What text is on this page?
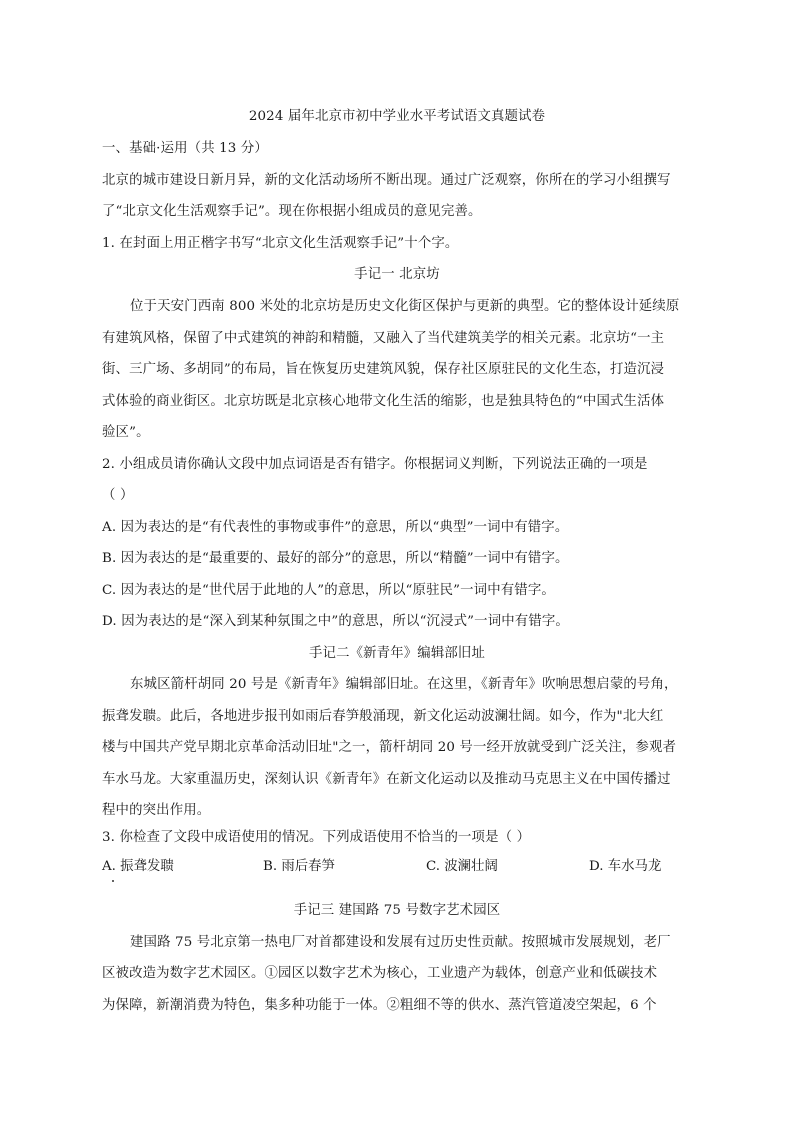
2024 届年北京市初中学业水平考试语文真题试卷
一、基础·运用（共 13 分）
北京的城市建设日新月异，新的文化活动场所不断出现。通过广泛观察，你所在的学习小组撰写
了“北京文化生活观察手记”。现在你根据小组成员的意见完善。
1. 在封面上用正楷字书写“北京文化生活观察手记”十个字。
手记一 北京坊
位于天安门西南 800 米处的北京坊是历史文化街区保护与更新的典型。它的整体设计延续原
有建筑风格，保留了中式建筑的神韵和精髓，又融入了当代建筑美学的相关元素。北京坊“一主
街、三广场、多胡同”的布局，旨在恢复历史建筑风貌，保存社区原驻民的文化生态，打造沉浸
式体验的商业街区。北京坊既是北京核心地带文化生活的缩影，也是独具特色的“中国式生活体
验区”。
2. 小组成员请你确认文段中加点词语是否有错字。你根据词义判断，下列说法正确的一项是
（ ）
A. 因为表达的是“有代表性的事物或事件”的意思，所以“典型”一词中有错字。
B. 因为表达的是“最重要的、最好的部分”的意思，所以“精髓”一词中有错字。
C. 因为表达的是“世代居于此地的人”的意思，所以“原驻民”一词中有错字。
D. 因为表达的是“深入到某种氛围之中”的意思，所以“沉浸式”一词中有错字。
手记二《新青年》编辑部旧址
东城区箭杆胡同 20 号是《新青年》编辑部旧址。在这里，《新青年》吹响思想启蒙的号角，
振聋发聩。此后，各地进步报刊如雨后春笋般涌现，新文化运动波澜壮阔。如今，作为"北大红
楼与中国共产党早期北京革命活动旧址"之一，箭杆胡同 20 号一经开放就受到广泛关注，参观者
车水马龙。大家重温历史，深刻认识《新青年》在新文化运动以及推动马克思主义在中国传播过
程中的突出作用。
3. 你检查了文段中成语使用的情况。下列成语使用不恰当的一项是（ ）
A. 振聋发聩	B. 雨后春笋	C. 波澜壮阔	D. 车水马龙
手记三 建国路 75 号数字艺术园区
建国路 75 号北京第一热电厂对首都建设和发展有过历史性贡献。按照城市发展规划，老厂
区被改造为数字艺术园区。①园区以数字艺术为核心，工业遗产为载体，创意产业和低碳技术
为保障，新潮消费为特色，集多种功能于一体。②粗细不等的供水、蒸汽管道凌空架起，6 个
